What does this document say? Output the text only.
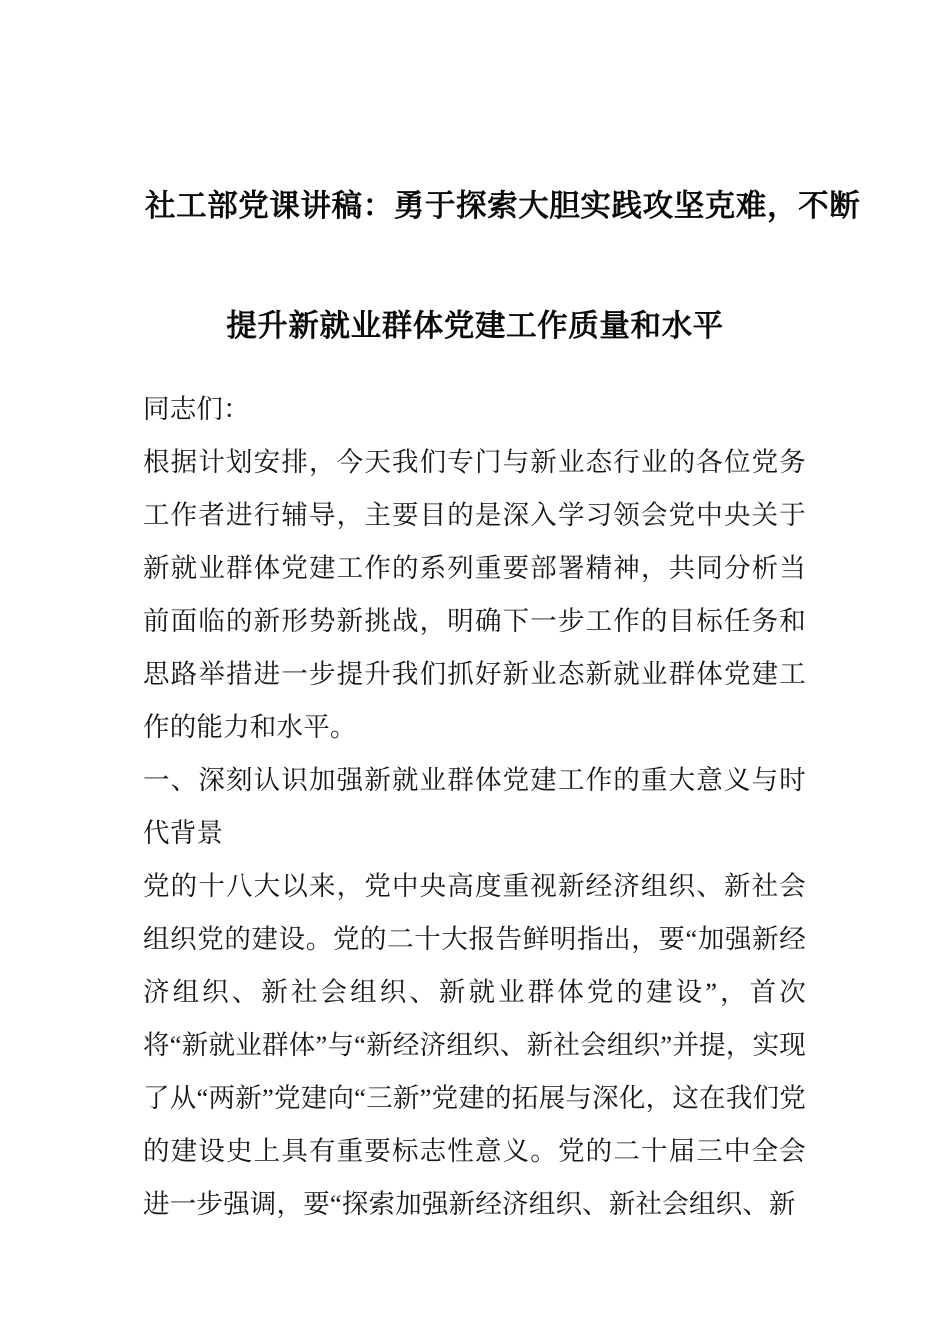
社工部党课讲稿：勇于探索大胆实践攻坚克难，不断
提升新就业群体党建工作质量和水平

同志们：

根据计划安排，今天我们专门与新业态行业的各位党务工作者进行辅导，主要目的是深入学习领会党中央关于新就业群体党建工作的系列重要部署精神，共同分析当前面临的新形势新挑战，明确下一步工作的目标任务和思路举措进一步提升我们抓好新业态新就业群体党建工作的能力和水平。

一、深刻认识加强新就业群体党建工作的重大意义与时代背景

党的十八大以来，党中央高度重视新经济组织、新社会组织党的建设。党的二十大报告鲜明指出，要“加强新经济组织、新社会组织、新就业群体党的建设”，首次将“新就业群体”与“新经济组织、新社会组织”并提，实现了从“两新”党建向“三新”党建的拓展与深化，这在我们党的建设史上具有重要标志性意义。党的二十届三中全会进一步强调，要“探索加强新经济组织、新社会组织、新
